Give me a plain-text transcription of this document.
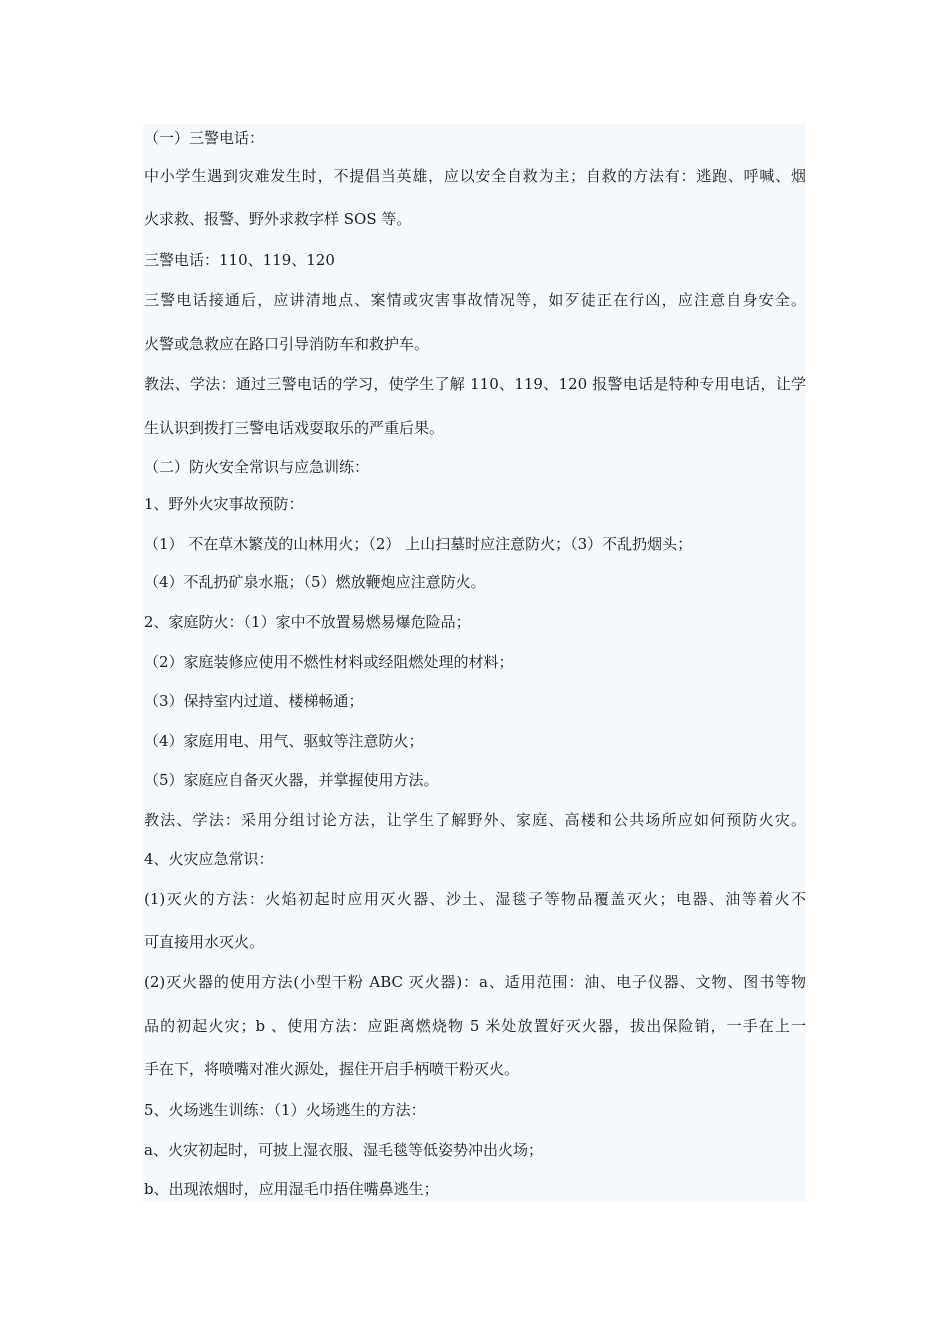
（一）三警电话：
中小学生遇到灾难发生时，不提倡当英雄，应以安全自救为主；自救的方法有：逃跑、呼喊、烟
火求救、报警、野外求救字样 SOS 等。
三警电话：110、119、120
三警电话接通后，应讲清地点、案情或灾害事故情况等，如歹徒正在行凶，应注意自身安全。
火警或急救应在路口引导消防车和救护车。
教法、学法：通过三警电话的学习，使学生了解 110、119、120 报警电话是特种专用电话，让学
生认识到拨打三警电话戏耍取乐的严重后果。
（二）防火安全常识与应急训练：
1、野外火灾事故预防：
（1） 不在草木繁茂的山林用火；（2） 上山扫墓时应注意防火；（3）不乱扔烟头；
（4）不乱扔矿泉水瓶；（5）燃放鞭炮应注意防火。
2、家庭防火：（1）家中不放置易燃易爆危险品；
（2）家庭装修应使用不燃性材料或经阻燃处理的材料；
（3）保持室内过道、楼梯畅通；
（4）家庭用电、用气、驱蚊等注意防火；
（5）家庭应自备灭火器，并掌握使用方法。
教法、学法：采用分组讨论方法，让学生了解野外、家庭、高楼和公共场所应如何预防火灾。
4、火灾应急常识：
(1)灭火的方法：火焰初起时应用灭火器、沙土、湿毯子等物品覆盖灭火；电器、油等着火不
可直接用水灭火。
(2)灭火器的使用方法(小型干粉 ABC 灭火器)：a、适用范围：油、电子仪器、文物、图书等物
品的初起火灾；b 、使用方法：应距离燃烧物 5 米处放置好灭火器，拔出保险销，一手在上一
手在下，将喷嘴对准火源处，握住开启手柄喷干粉灭火。
5、火场逃生训练：（1）火场逃生的方法：
a、火灾初起时，可披上湿衣服、湿毛毯等低姿势冲出火场；
b、出现浓烟时，应用湿毛巾捂住嘴鼻逃生；
